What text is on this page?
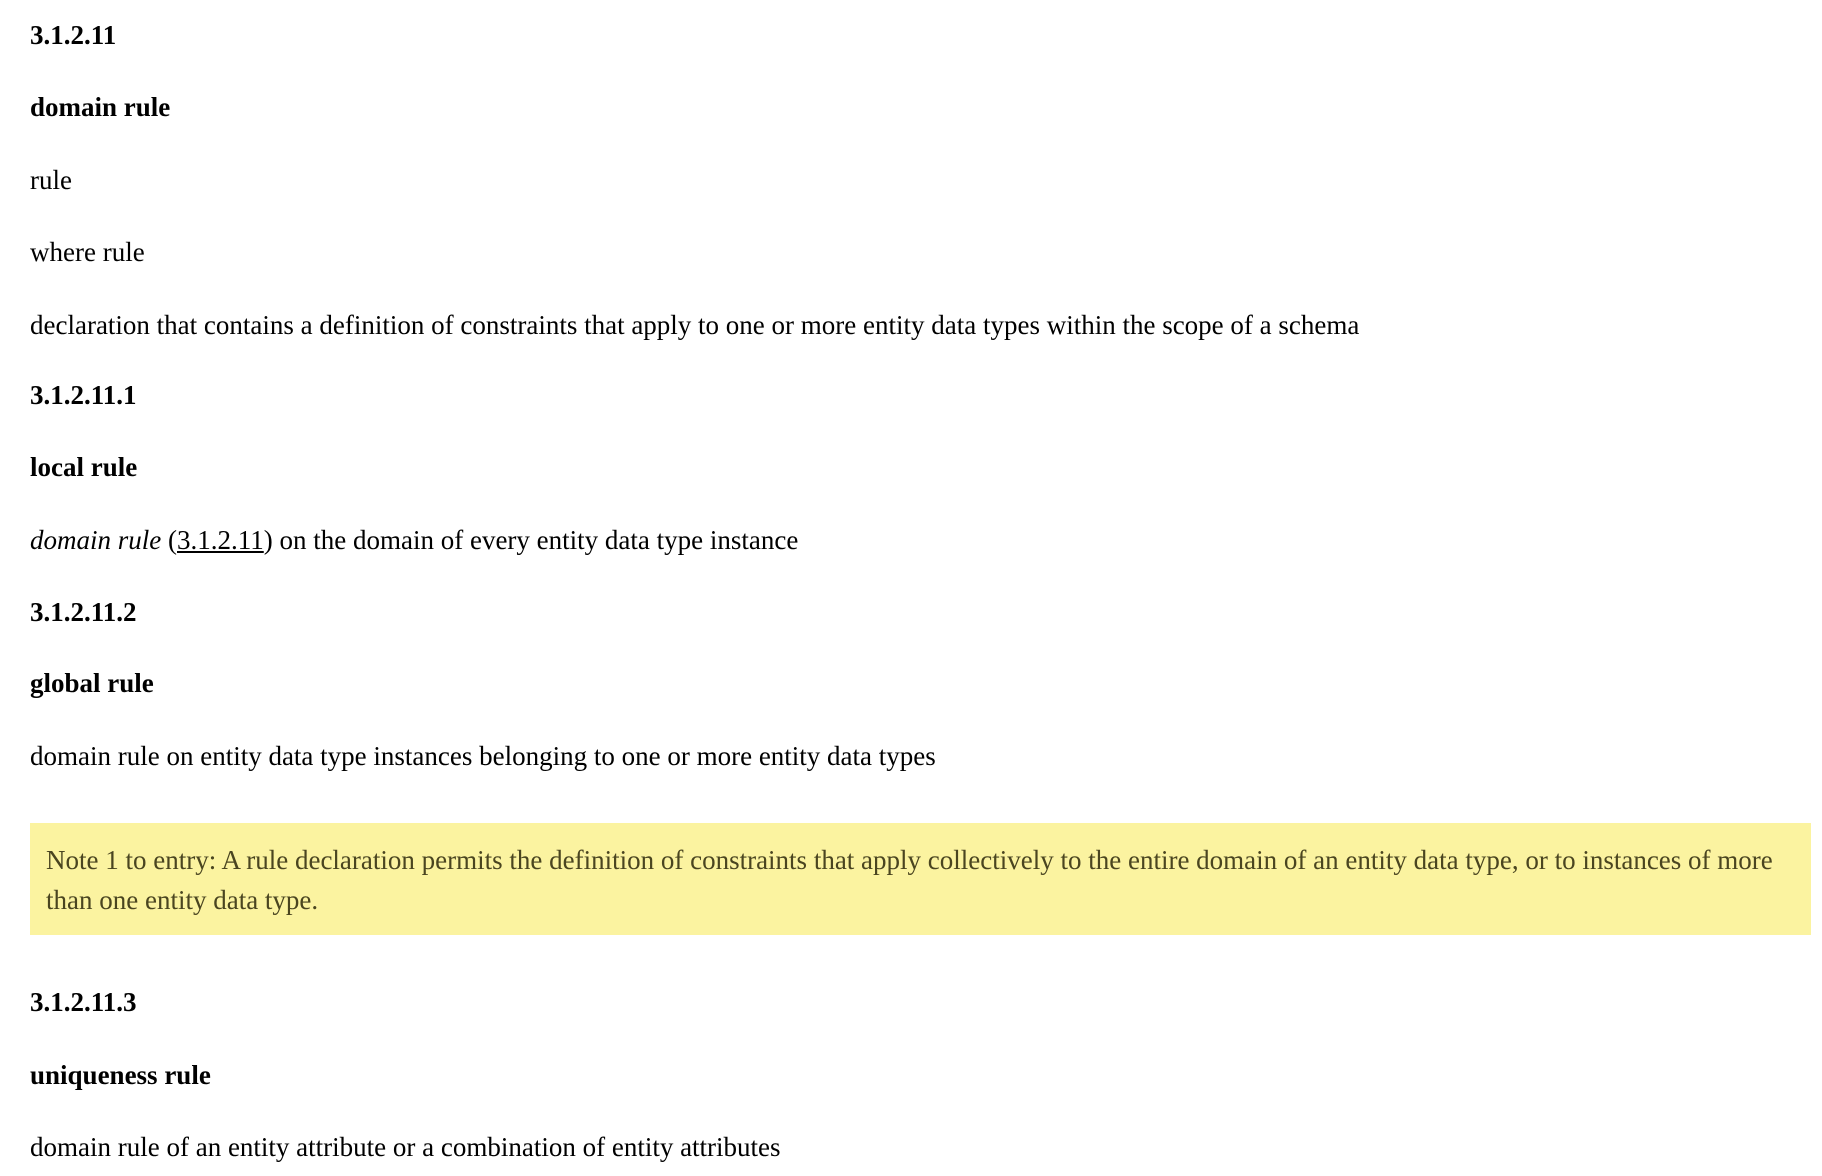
3.1.2.11
domain rule
rule
where rule
declaration that contains a definition of constraints that apply to one or more entity data types within the scope of a schema
3.1.2.11.1
local rule
domain rule (3.1.2.11) on the domain of every entity data type instance
3.1.2.11.2
global rule
domain rule on entity data type instances belonging to one or more entity data types
Note 1 to entry: A rule declaration permits the definition of constraints that apply collectively to the entire domain of an entity data type, or to instances of more than one entity data type.
3.1.2.11.3
uniqueness rule
domain rule of an entity attribute or a combination of entity attributes
